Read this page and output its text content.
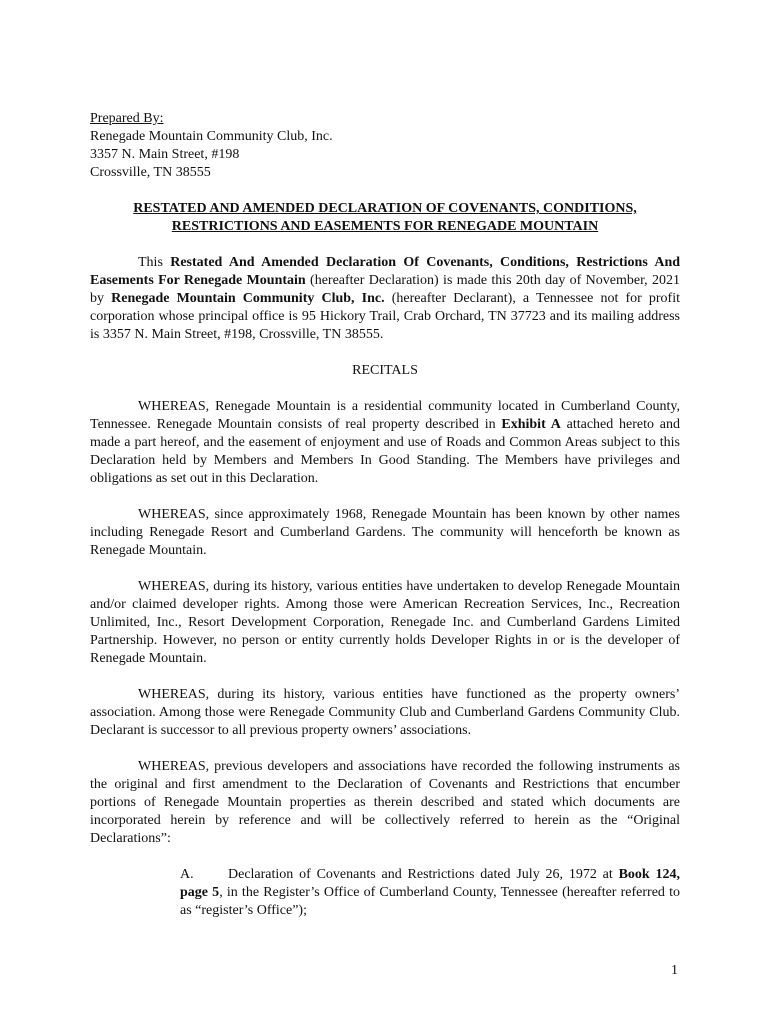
Prepared By:

Renegade Mountain Community Club, Inc.

3357 N. Main Street, #198

Crossville, TN 38555

RESTATED AND AMENDED DECLARATION OF COVENANTS, CONDITIONS,
RESTRICTIONS AND EASEMENTS FOR RENEGADE MOUNTAIN

This Restated And Amended Declaration Of Covenants, Conditions, Restrictions And Easements For Renegade Mountain (hereafter Declaration) is made this 20th day of November, 2021 by Renegade Mountain Community Club, Inc. (hereafter Declarant), a Tennessee not for profit corporation whose principal office is 95 Hickory Trail, Crab Orchard, TN 37723 and its mailing address is 3357 N. Main Street, #198, Crossville, TN 38555.

RECITALS

WHEREAS, Renegade Mountain is a residential community located in Cumberland County, Tennessee. Renegade Mountain consists of real property described in Exhibit A attached hereto and made a part hereof, and the easement of enjoyment and use of Roads and Common Areas subject to this Declaration held by Members and Members In Good Standing. The Members have privileges and obligations as set out in this Declaration.

WHEREAS, since approximately 1968, Renegade Mountain has been known by other names including Renegade Resort and Cumberland Gardens. The community will henceforth be known as Renegade Mountain.

WHEREAS, during its history, various entities have undertaken to develop Renegade Mountain and/or claimed developer rights. Among those were American Recreation Services, Inc., Recreation Unlimited, Inc., Resort Development Corporation, Renegade Inc. and Cumberland Gardens Limited Partnership. However, no person or entity currently holds Developer Rights in or is the developer of Renegade Mountain.

WHEREAS, during its history, various entities have functioned as the property owners’ association. Among those were Renegade Community Club and Cumberland Gardens Community Club. Declarant is successor to all previous property owners’ associations.

WHEREAS, previous developers and associations have recorded the following instruments as the original and first amendment to the Declaration of Covenants and Restrictions that encumber portions of Renegade Mountain properties as therein described and stated which documents are incorporated herein by reference and will be collectively referred to herein as the “Original Declarations”:

A. Declaration of Covenants and Restrictions dated July 26, 1972 at Book 124, page 5, in the Register’s Office of Cumberland County, Tennessee (hereafter referred to as “register’s Office”);

1
